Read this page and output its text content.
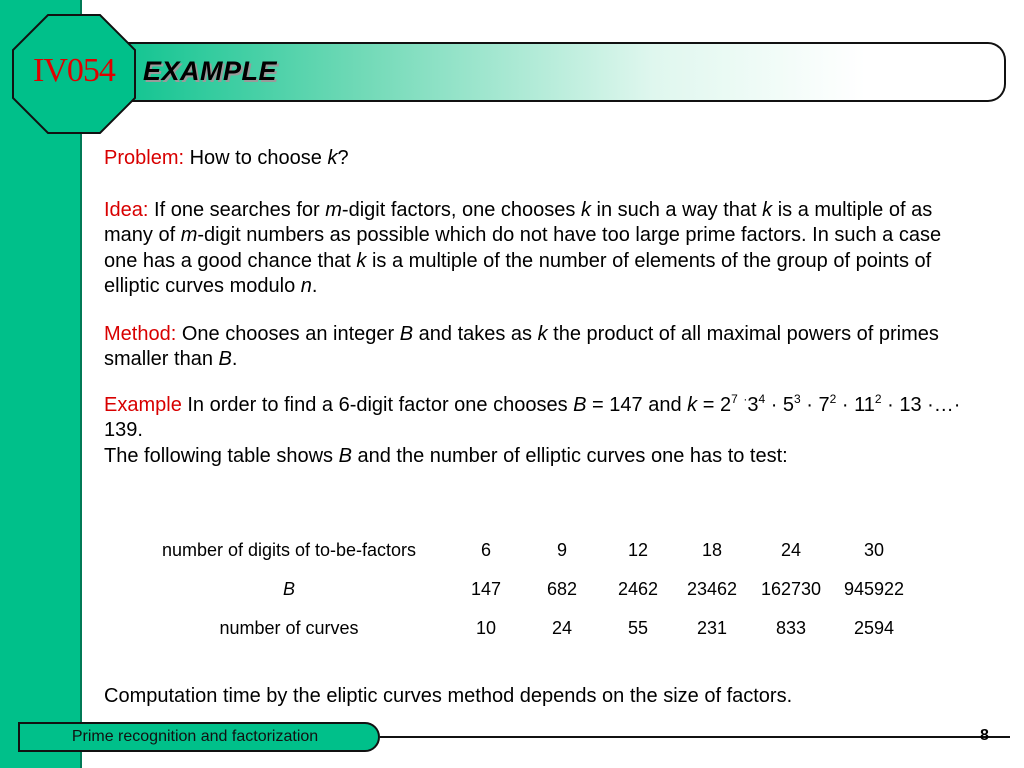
EXAMPLE
IV054

Problem: How to choose k?

Idea: If one searches for m-digit factors, one chooses k in such a way that k is a multiple of as many of m-digit numbers as possible which do not have too large prime factors. In such a case one has a good chance that k is a multiple of the number of elements of the group of points of elliptic curves modulo n.

Method: One chooses an integer B and takes as k the product of all maximal powers of primes smaller than B.

Example In order to find a 6-digit factor one chooses B = 147 and $k = 2^7$ $^\cdot 3^4 \cdot 5^3 \cdot 7^2 \cdot 11^2 \cdot 13$ ·…· 139.

The following table shows B and the number of elliptic curves one has to test:

number of digits of to-be-factors	6	9	12	18	24	30
B	147	682	2462	23462	162730	945922
number of curves	10	24	55	231	833	2594
Computation time by the eliptic curves method depends on the size of factors.
Prime recognition and factorization	8
